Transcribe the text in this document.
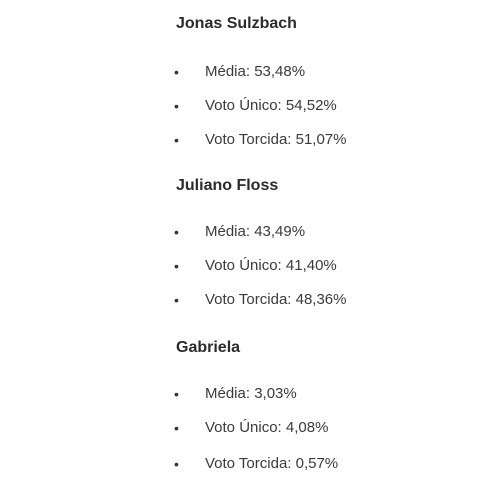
Jonas Sulzbach
• Média: 53,48%
• Voto Único: 54,52%
• Voto Torcida: 51,07%
Juliano Floss
• Média: 43,49%
• Voto Único: 41,40%
• Voto Torcida: 48,36%
Gabriela
• Média: 3,03%
• Voto Único: 4,08%
• Voto Torcida: 0,57%
